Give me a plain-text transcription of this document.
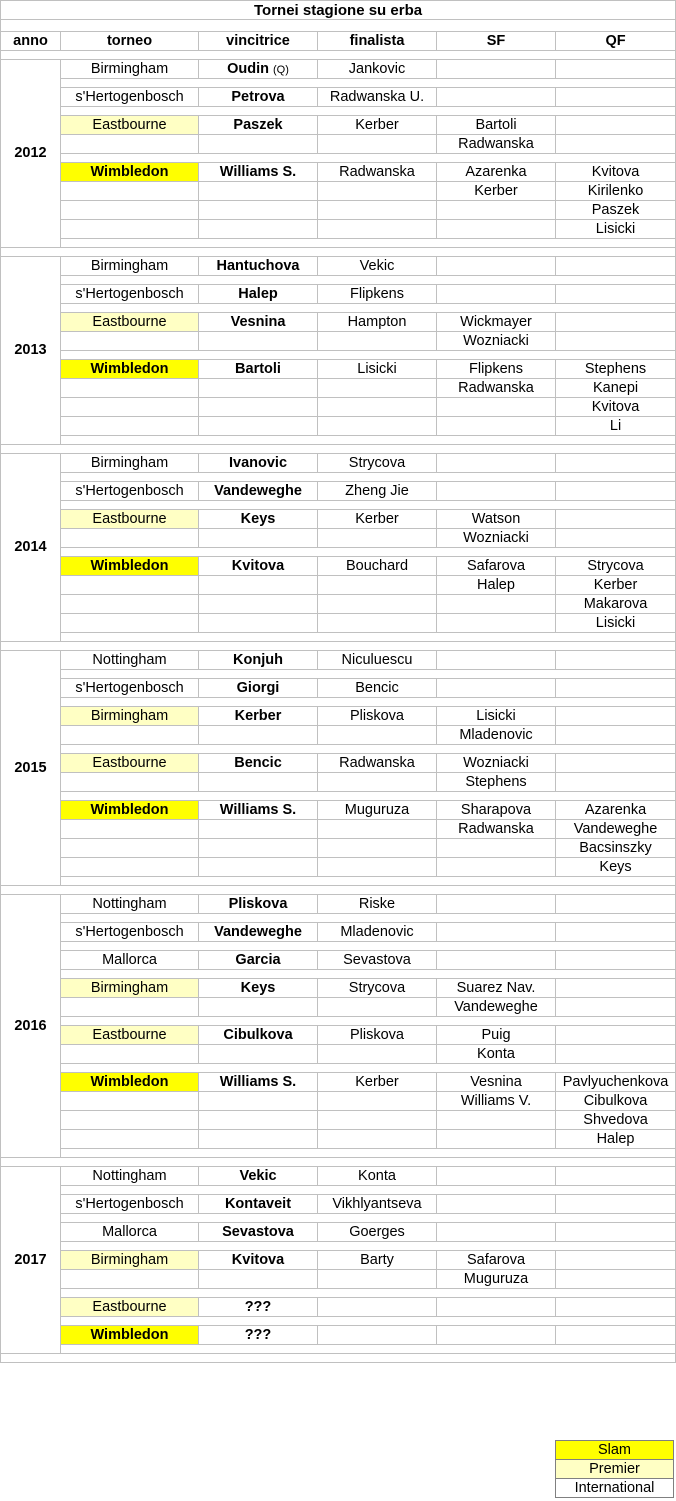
Tornei stagione su erba					

anno	torneo	vincitrice	finalista	SF	QF

2012	Birmingham	Oudin (Q)	Jankovic		

	s'Hertogenbosch	Petrova	Radwanska U.		

	Eastbourne	Paszek	Kerber	Bartoli	
				Radwanska	

	Wimbledon	Williams S.	Radwanska	Azarenka	Kvitova
				Kerber	Kirilenko
					Paszek
					Lisicki

2013	Birmingham	Hantuchova	Vekic		

	s'Hertogenbosch	Halep	Flipkens		

	Eastbourne	Vesnina	Hampton	Wickmayer	
				Wozniacki	

	Wimbledon	Bartoli	Lisicki	Flipkens	Stephens
				Radwanska	Kanepi
					Kvitova
					Li

2014	Birmingham	Ivanovic	Strycova		

	s'Hertogenbosch	Vandeweghe	Zheng Jie		

	Eastbourne	Keys	Kerber	Watson	
				Wozniacki	

	Wimbledon	Kvitova	Bouchard	Safarova	Strycova
				Halep	Kerber
					Makarova
					Lisicki

2015	Nottingham	Konjuh	Niculuescu		

	s'Hertogenbosch	Giorgi	Bencic		

	Birmingham	Kerber	Pliskova	Lisicki	
				Mladenovic	

	Eastbourne	Bencic	Radwanska	Wozniacki	
				Stephens	

	Wimbledon	Williams S.	Muguruza	Sharapova	Azarenka
				Radwanska	Vandeweghe
					Bacsinszky
					Keys

2016	Nottingham	Pliskova	Riske		

	s'Hertogenbosch	Vandeweghe	Mladenovic		

	Mallorca	Garcia	Sevastova		

	Birmingham	Keys	Strycova	Suarez Nav.	
				Vandeweghe	

	Eastbourne	Cibulkova	Pliskova	Puig	
				Konta	

	Wimbledon	Williams S.	Kerber	Vesnina	Pavlyuchenkova
				Williams V.	Cibulkova
					Shvedova
					Halep

2017	Nottingham	Vekic	Konta		

	s'Hertogenbosch	Kontaveit	Vikhlyantseva		

	Mallorca	Sevastova	Goerges		

	Birmingham	Kvitova	Barty	Safarova	
				Muguruza	

	Eastbourne	???			

	Wimbledon	???			

Slam
Premier
International
